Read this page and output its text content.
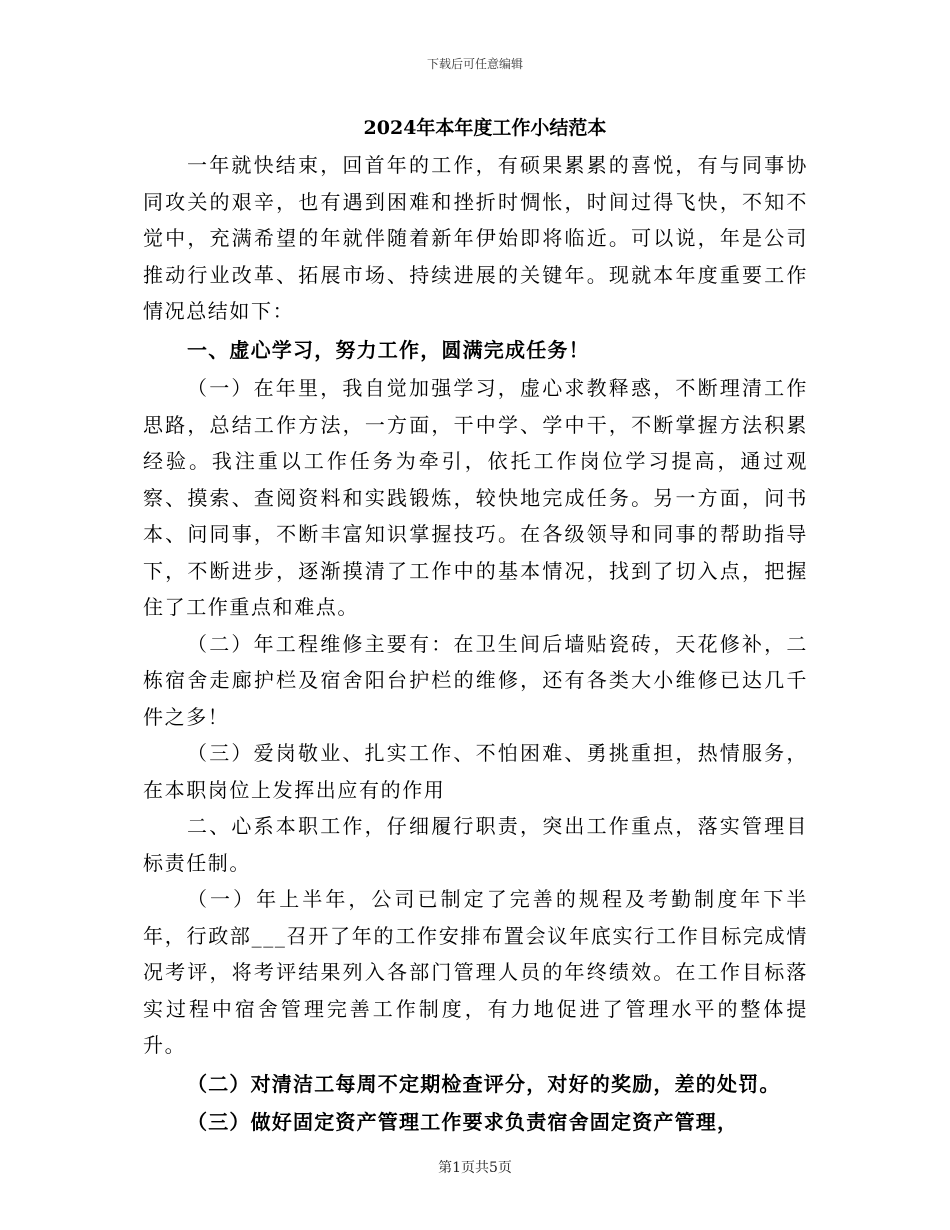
下载后可任意编辑
2024年本年度工作小结范本

一年就快结束，回首年的工作，有硕果累累的喜悦，有与同事协同攻关的艰辛，也有遇到困难和挫折时惆怅，时间过得飞快，不知不觉中，充满希望的年就伴随着新年伊始即将临近。可以说，年是公司推动行业改革、拓展市场、持续进展的关键年。现就本年度重要工作情况总结如下：

一、虚心学习，努力工作，圆满完成任务！

（一）在年里，我自觉加强学习，虚心求教释惑，不断理清工作思路，总结工作方法，一方面，干中学、学中干，不断掌握方法积累经验。我注重以工作任务为牵引，依托工作岗位学习提高，通过观察、摸索、查阅资料和实践锻炼，较快地完成任务。另一方面，问书本、问同事，不断丰富知识掌握技巧。在各级领导和同事的帮助指导下，不断进步，逐渐摸清了工作中的基本情况，找到了切入点，把握住了工作重点和难点。

（二）年工程维修主要有：在卫生间后墙贴瓷砖，天花修补，二栋宿舍走廊护栏及宿舍阳台护栏的维修，还有各类大小维修已达几千件之多！

（三）爱岗敬业、扎实工作、不怕困难、勇挑重担，热情服务，在本职岗位上发挥出应有的作用

二、心系本职工作，仔细履行职责，突出工作重点，落实管理目标责任制。

（一）年上半年，公司已制定了完善的规程及考勤制度年下半年，行政部___召开了年的工作安排布置会议年底实行工作目标完成情况考评，将考评结果列入各部门管理人员的年终绩效。在工作目标落实过程中宿舍管理完善工作制度，有力地促进了管理水平的整体提升。

（二）对清洁工每周不定期检查评分，对好的奖励，差的处罚。

（三）做好固定资产管理工作要求负责宿舍固定资产管理，

第1页共5页
